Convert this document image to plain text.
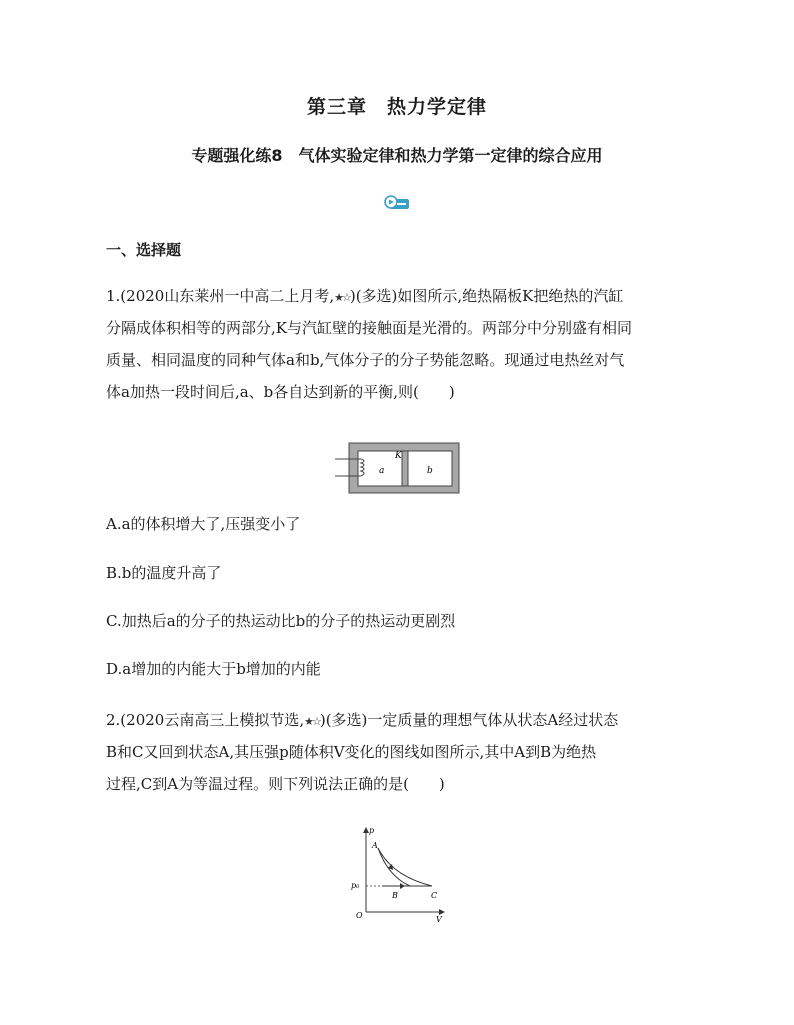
第三章　热力学定律
专题强化练8　气体实验定律和热力学第一定律的综合应用
一、选择题
1.(2020山东莱州一中高二上月考,★☆)(多选)如图所示,绝热隔板K把绝热的汽缸
分隔成体积相等的两部分,K与汽缸壁的接触面是光滑的。两部分中分别盛有相同
质量、相同温度的同种气体a和b,气体分子的分子势能忽略。现通过电热丝对气
体a加热一段时间后,a、b各自达到新的平衡,则(　　)
K
a	b
A.a的体积增大了,压强变小了
B.b的温度升高了
C.加热后a的分子的热运动比b的分子的热运动更剧烈
D.a增加的内能大于b增加的内能
2.(2020云南高三上模拟节选,★☆)(多选)一定质量的理想气体从状态A经过状态
B和C又回到状态A,其压强p随体积V变化的图线如图所示,其中A到B为绝热
过程,C到A为等温过程。则下列说法正确的是(　　)
p
V
O
p₀
A
B	C
